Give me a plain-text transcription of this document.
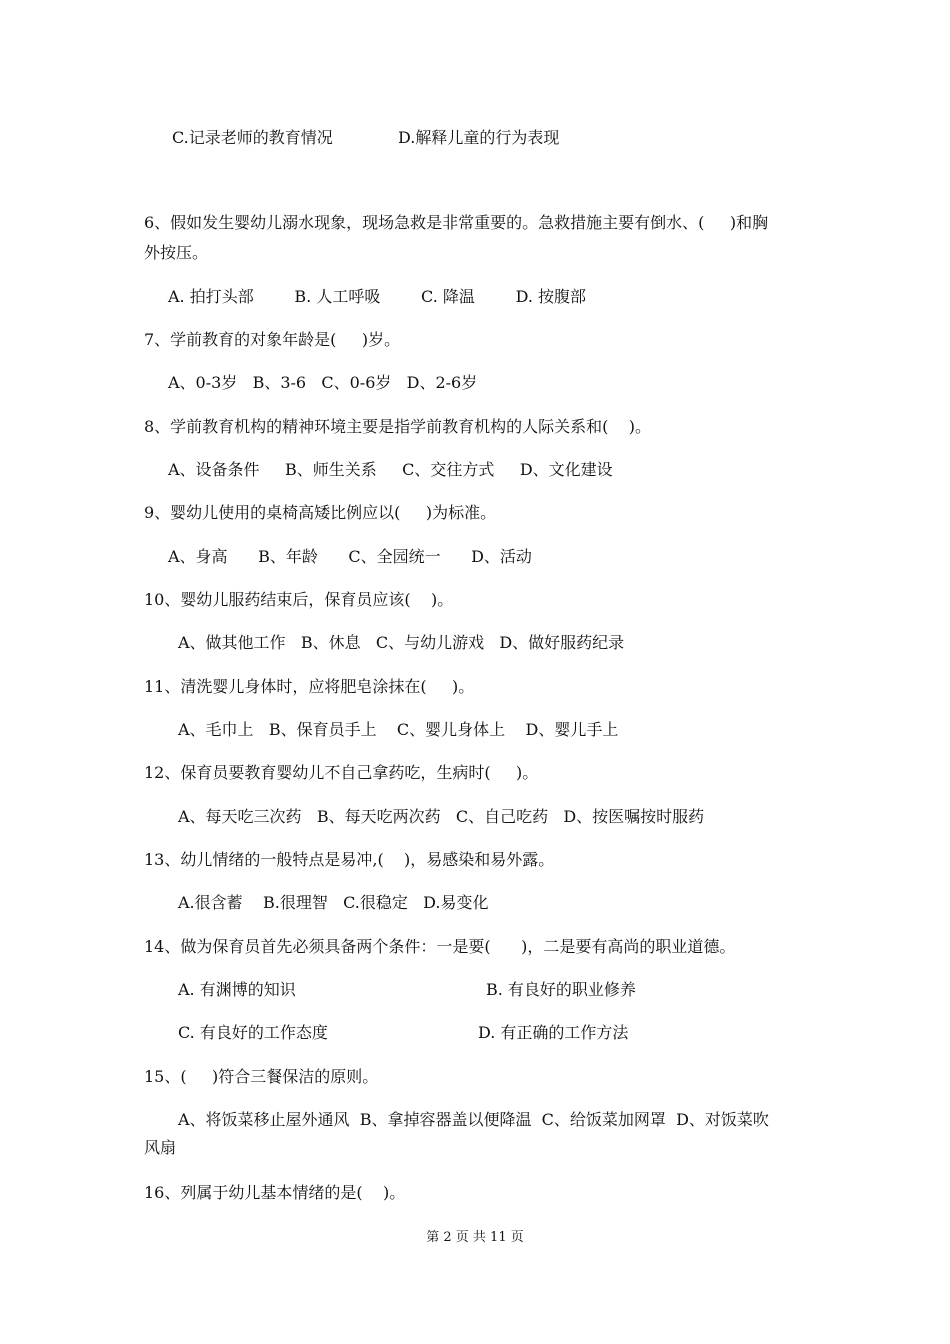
C.记录老师的教育情况	D.解释儿童的行为表现
6、假如发生婴幼儿溺水现象，现场急救是非常重要的。急救措施主要有倒水、(     )和胸
外按压。
A. 拍打头部        B. 人工呼吸        C. 降温        D. 按腹部
7、学前教育的对象年龄是(     )岁。
A、0-3岁   B、3-6   C、0-6岁   D、2-6岁
8、学前教育机构的精神环境主要是指学前教育机构的人际关系和(    )。
A、设备条件     B、师生关系     C、交往方式     D、文化建设
9、婴幼儿使用的桌椅高矮比例应以(     )为标准。
A、身高      B、年龄      C、全园统一      D、活动
10、婴幼儿服药结束后，保育员应该(    )。
A、做其他工作   B、休息   C、与幼儿游戏   D、做好服药纪录
11、清洗婴儿身体时，应将肥皂涂抹在(     )。
A、毛巾上   B、保育员手上    C、婴儿身体上    D、婴儿手上
12、保育员要教育婴幼儿不自己拿药吃，生病时(     )。
A、每天吃三次药   B、每天吃两次药   C、自己吃药   D、按医嘱按时服药
13、幼儿情绪的一般特点是易冲,(    )，易感染和易外露。
A.很含蓄    B.很理智   C.很稳定   D.易变化
14、做为保育员首先必须具备两个条件：一是要(      )，二是要有高尚的职业道德。
A. 有渊博的知识	B. 有良好的职业修养
C. 有良好的工作态度	D. 有正确的工作方法
15、(     )符合三餐保洁的原则。
A、将饭菜移止屋外通风  B、拿掉容器盖以便降温  C、给饭菜加网罩  D、对饭菜吹
风扇
16、列属于幼儿基本情绪的是(    )。
第 2 页 共 11 页
